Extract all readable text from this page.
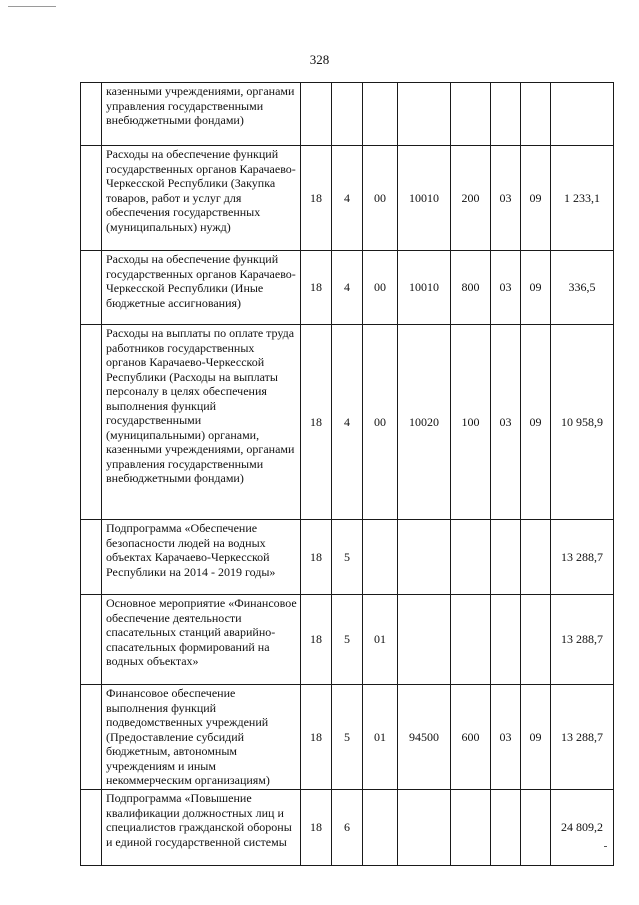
328
	казенными учреждениями, органами управления государственными внебюджетными фондами)								
	Расходы на обеспечение функций государственных органов Карачаево-Черкесской Республики (Закупка товаров, работ и услуг для обеспечения государственных (муниципальных) нужд)	18	4	00	10010	200	03	09	1 233,1
	Расходы на обеспечение функций государственных органов Карачаево-Черкесской Республики (Иные бюджетные ассигнования)	18	4	00	10010	800	03	09	336,5
	Расходы на выплаты по оплате труда работников государственных органов Карачаево-Черкесской Республики (Расходы на выплаты персоналу в целях обеспечения выполнения функций государственными (муниципальными) органами, казенными учреждениями, органами управления государственными внебюджетными фондами)	18	4	00	10020	100	03	09	10 958,9
	Подпрограмма «Обеспечение безопасности людей на водных объектах Карачаево-Черкесской Республики на 2014 - 2019 годы»	18	5						13 288,7
	Основное мероприятие «Финансовое обеспечение деятельности спасательных станций аварийно-спасательных формирований на водных объектах»	18	5	01					13 288,7
	Финансовое обеспечение выполнения функций подведомственных учреждений (Предоставление субсидий бюджетным, автономным учреждениям и иным некоммерческим организациям)	18	5	01	94500	600	03	09	13 288,7
	Подпрограмма «Повышение квалификации должностных лиц и специалистов гражданской обороны и единой государственной системы	18	6						24 809,2
